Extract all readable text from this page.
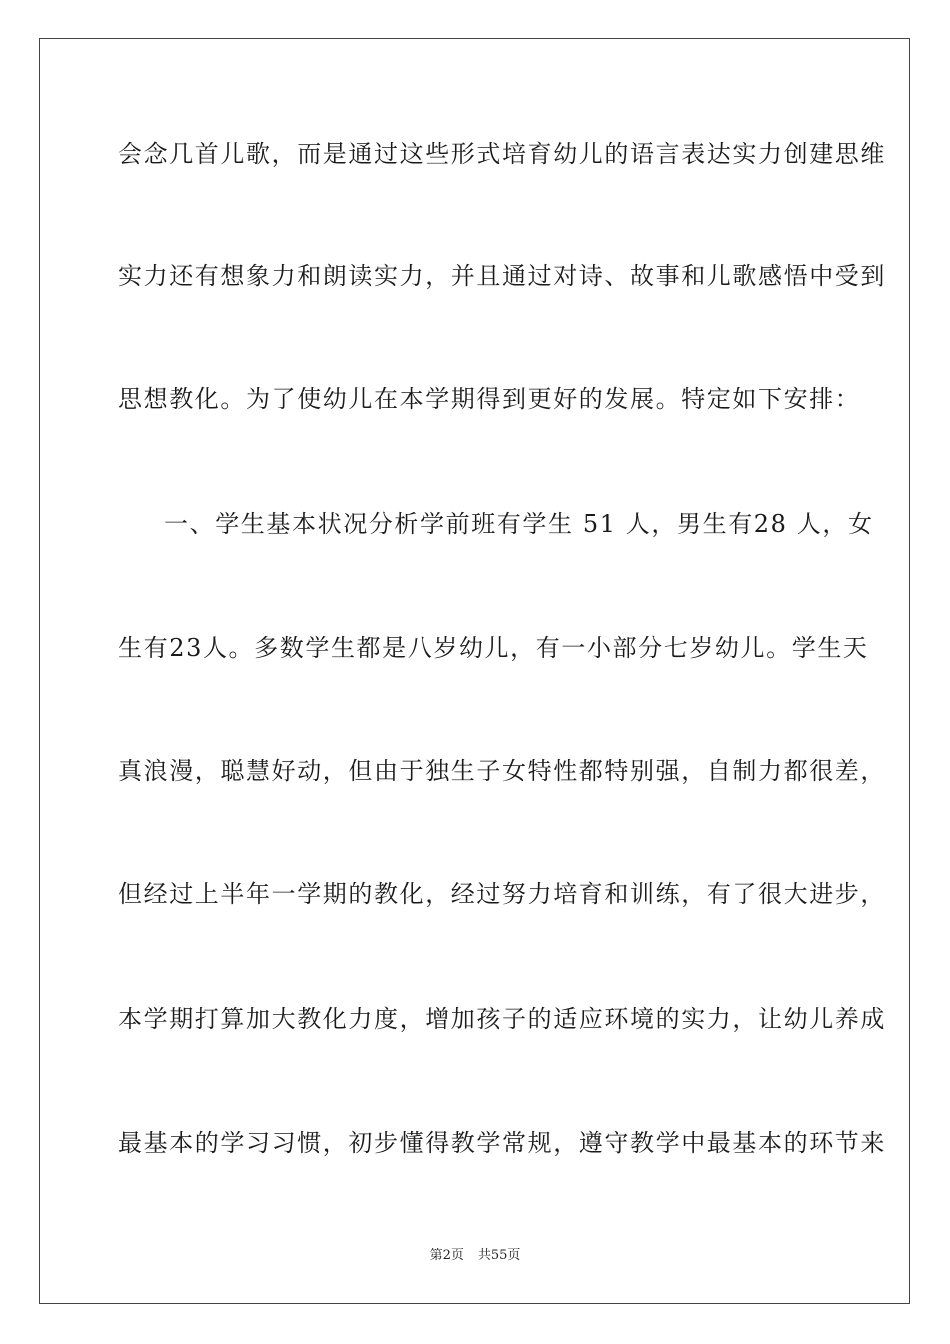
会念几首儿歌，而是通过这些形式培育幼儿的语言表达实力创建思维
实力还有想象力和朗读实力，并且通过对诗、故事和儿歌感悟中受到
思想教化。为了使幼儿在本学期得到更好的发展。特定如下安排：
一、学生基本状况分析学前班有学生 51 人，男生有28 人，女
生有23人。多数学生都是八岁幼儿，有一小部分七岁幼儿。学生天
真浪漫，聪慧好动，但由于独生子女特性都特别强，自制力都很差，
但经过上半年一学期的教化，经过努力培育和训练，有了很大进步，
本学期打算加大教化力度，增加孩子的适应环境的实力，让幼儿养成
最基本的学习习惯，初步懂得教学常规，遵守教学中最基本的环节来
第2页 共55页
